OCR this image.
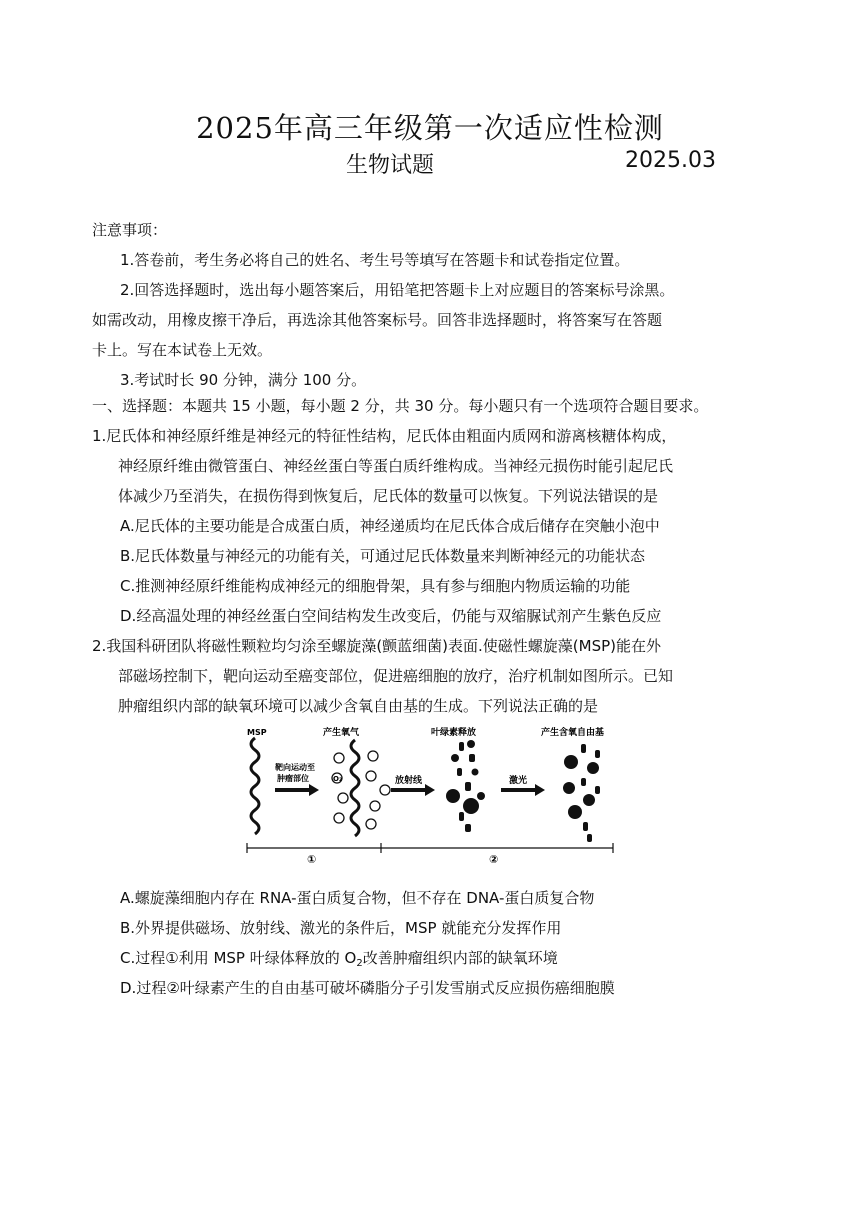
2025年高三年级第一次适应性检测
生物试题	2025.03
注意事项：
1.答卷前，考生务必将自己的姓名、考生号等填写在答题卡和试卷指定位置。
2.回答选择题时，选出每小题答案后，用铅笔把答题卡上对应题目的答案标号涂黑。
如需改动，用橡皮擦干净后，再选涂其他答案标号。回答非选择题时，将答案写在答题
卡上。写在本试卷上无效。
3.考试时长 90 分钟，满分 100 分。
一、选择题：本题共 15 小题，每小题 2 分，共 30 分。每小题只有一个选项符合题目要求。
1.尼氏体和神经原纤维是神经元的特征性结构，尼氏体由粗面内质网和游离核糖体构成，
神经原纤维由微管蛋白、神经丝蛋白等蛋白质纤维构成。当神经元损伤时能引起尼氏
体减少乃至消失，在损伤得到恢复后，尼氏体的数量可以恢复。下列说法错误的是
A.尼氏体的主要功能是合成蛋白质，神经递质均在尼氏体合成后储存在突触小泡中
B.尼氏体数量与神经元的功能有关，可通过尼氏体数量来判断神经元的功能状态
C.推测神经原纤维能构成神经元的细胞骨架，具有参与细胞内物质运输的功能
D.经高温处理的神经丝蛋白空间结构发生改变后，仍能与双缩脲试剂产生紫色反应
2.我国科研团队将磁性颗粒均匀涂至螺旋藻(颤蓝细菌)表面.使磁性螺旋藻(MSP)能在外
部磁场控制下，靶向运动至癌变部位，促进癌细胞的放疗，治疗机制如图所示。已知
肿瘤组织内部的缺氧环境可以减少含氧自由基的生成。下列说法正确的是
MSP	产生氧气
靶向运动至
肿瘤部位	放射线
叶绿素释放
激光
产生含氧自由基
O₂
①	②
A.螺旋藻细胞内存在 RNA-蛋白质复合物，但不存在 DNA-蛋白质复合物
B.外界提供磁场、放射线、激光的条件后，MSP 就能充分发挥作用
C.过程①利用 MSP 叶绿体释放的 $O_2$改善肿瘤组织内部的缺氧环境
D.过程②叶绿素产生的自由基可破坏磷脂分子引发雪崩式反应损伤癌细胞膜
